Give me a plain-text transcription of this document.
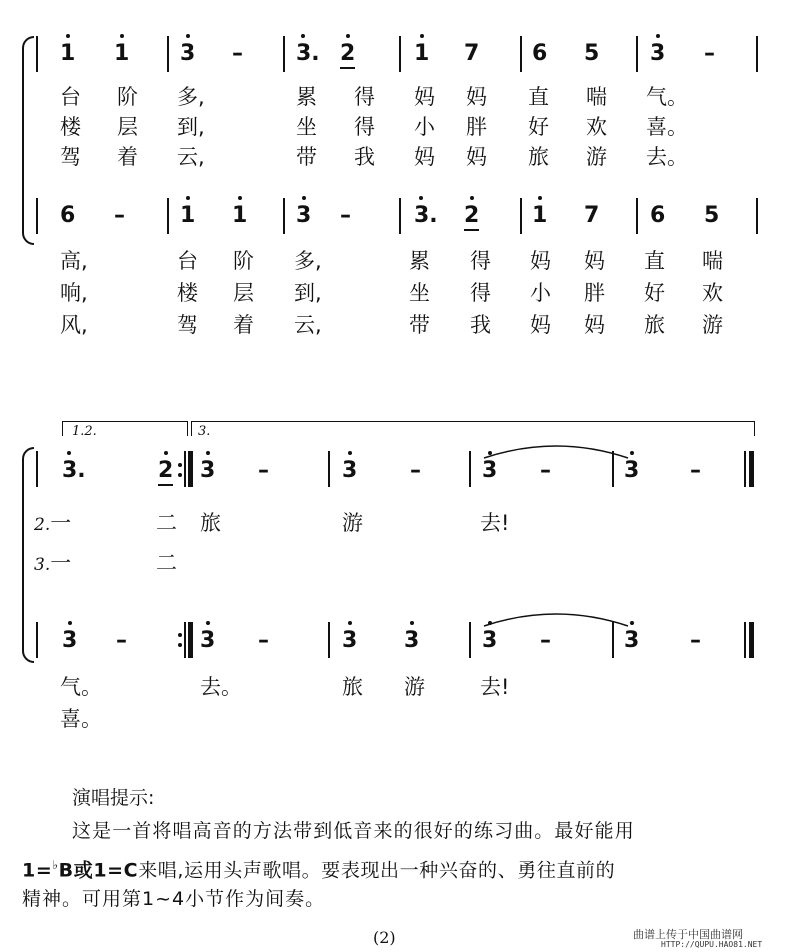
1 1 3 – 3. 2	1 7 6 5 3 –
台 阶 多,	累 得 妈 妈 直 喘 气。
楼 层 到,	坐 得 小 胖 好 欢 喜。
驾 着 云,	带 我 妈 妈 旅 游 去。
6 –	1 1 3 –	3. 2 1 7 6 5
高,	台 阶 多,	累 得 妈 妈 直 喘
响,	楼 层 到,	坐 得 小 胖 好 欢
风,	驾 着 云,	带 我 妈 妈 旅 游
1.2.	3.
3.	2 3 –	3 –	3 –	3 –
2.一	二 旅	游	去!
3.一	二
3 –	3 –	3 3	3 –	3 –
气。	去。	旅 游	去!
喜。
演唱提示:
这是一首将唱高音的方法带到低音来的很好的练习曲。最好能用
1=♭B或1=C来唱,运用头声歌唱。要表现出一种兴奋的、勇往直前的
精神。可用第1~4小节作为间奏。
(2)	曲谱上传于中国曲谱网
HTTP://QUPU.HAO81.NET
